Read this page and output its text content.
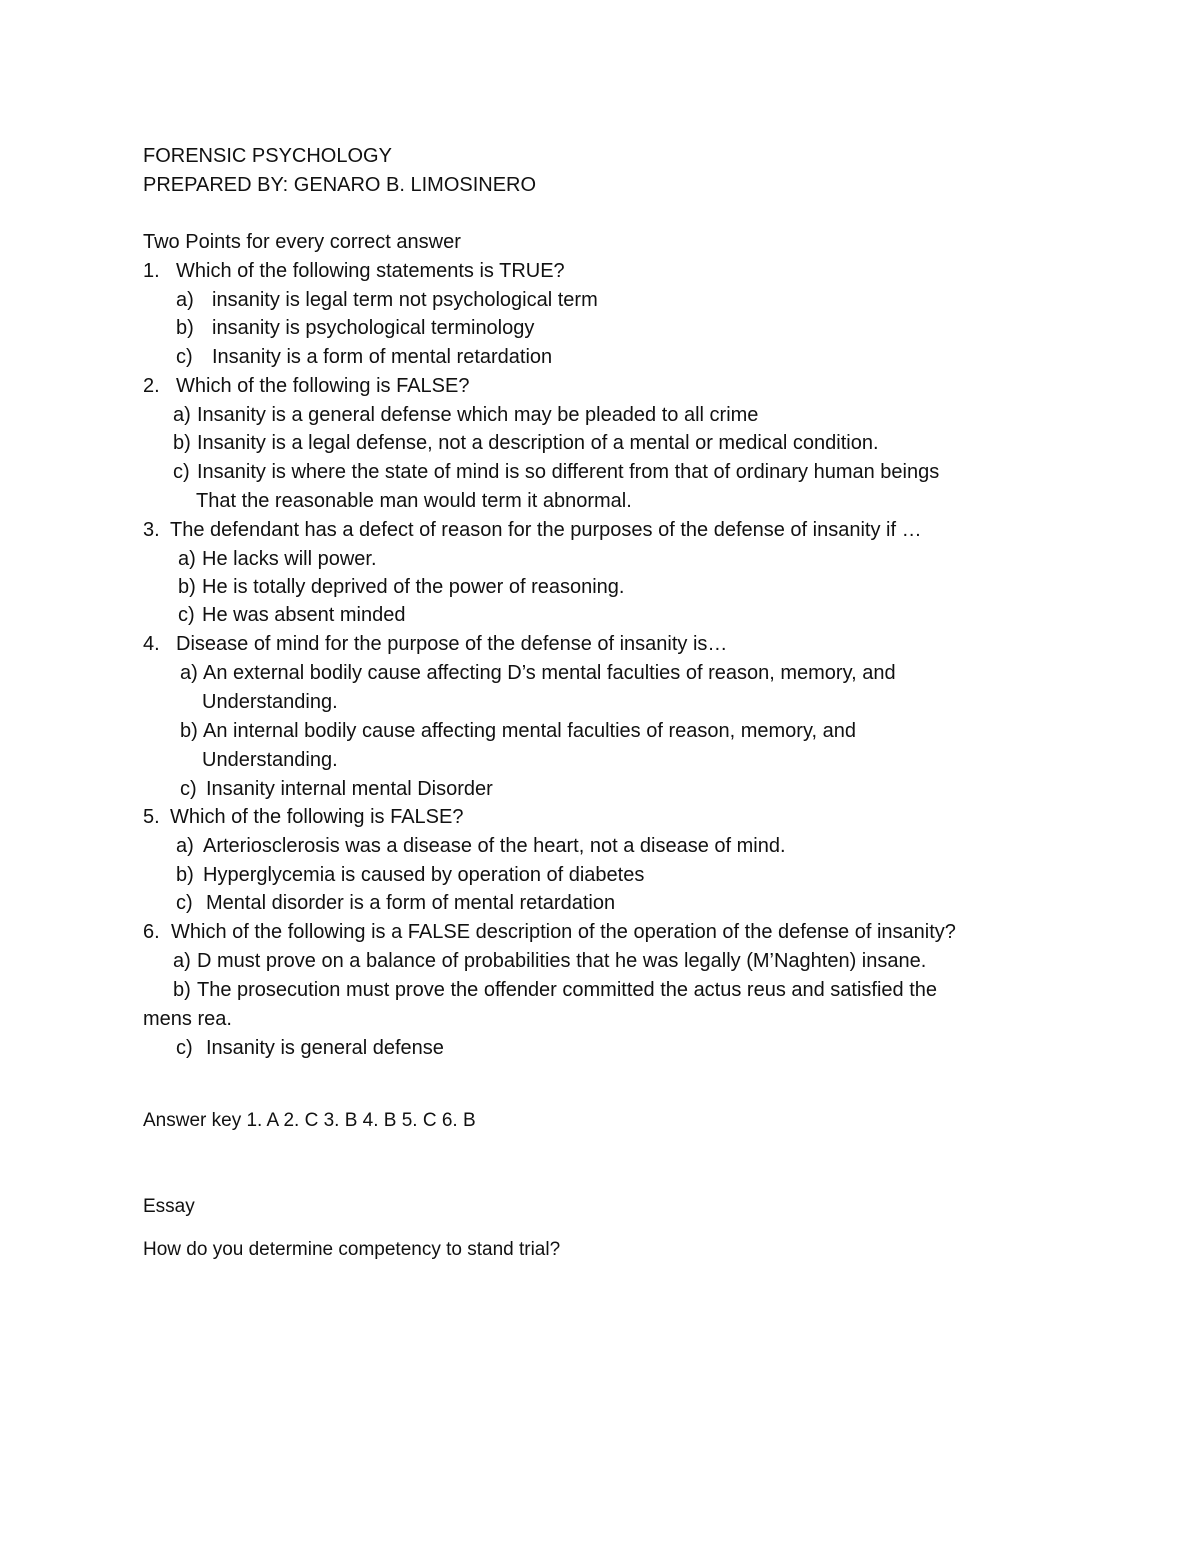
FORENSIC PSYCHOLOGY
PREPARED BY: GENARO B. LIMOSINERO
Two Points for every correct answer
1. Which of the following statements is TRUE?
a) insanity is legal term not psychological term
b) insanity is psychological terminology
c) Insanity is a form of mental retardation
2. Which of the following is FALSE?
a) Insanity is a general defense which may be pleaded to all crime
b) Insanity is a legal defense, not a description of a mental or medical condition.
c) Insanity is where the state of mind is so different from that of ordinary human beings
That the reasonable man would term it abnormal.
3. The defendant has a defect of reason for the purposes of the defense of insanity if …
a) He lacks will power.
b) He is totally deprived of the power of reasoning.
c) He was absent minded
4. Disease of mind for the purpose of the defense of insanity is…
a) An external bodily cause affecting D’s mental faculties of reason, memory, and
Understanding.
b) An internal bodily cause affecting mental faculties of reason, memory, and
Understanding.
c) Insanity internal mental Disorder
5. Which of the following is FALSE?
a) Arteriosclerosis was a disease of the heart, not a disease of mind.
b) Hyperglycemia is caused by operation of diabetes
c) Mental disorder is a form of mental retardation
6. Which of the following is a FALSE description of the operation of the defense of insanity?
a) D must prove on a balance of probabilities that he was legally (M’Naghten) insane.
b) The prosecution must prove the offender committed the actus reus and satisfied the
mens rea.
c) Insanity is general defense
Answer key 1. A 2. C 3. B 4. B 5. C 6. B
Essay
How do you determine competency to stand trial?
